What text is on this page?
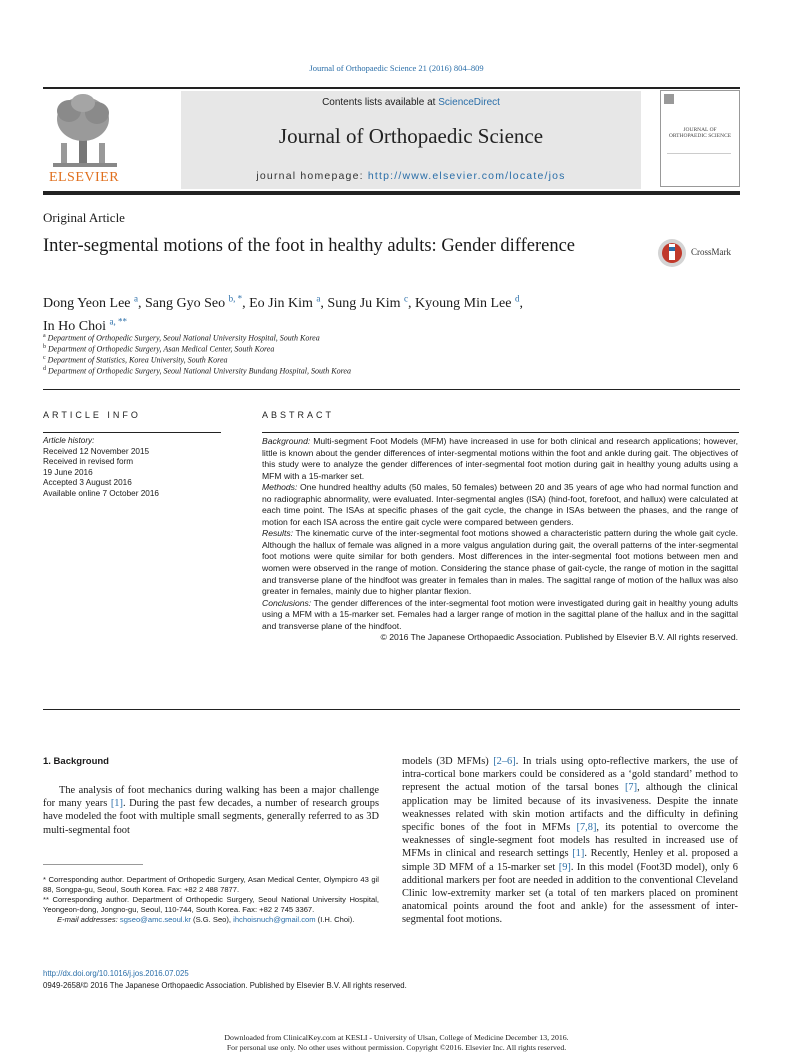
Journal of Orthopaedic Science 21 (2016) 804–809
ELSEVIER
Contents lists available at ScienceDirect
Journal of Orthopaedic Science
journal homepage: http://www.elsevier.com/locate/jos
JOURNAL OF ORTHOPAEDIC SCIENCE
Original Article
Inter-segmental motions of the foot in healthy adults: Gender difference	CrossMark
Dong Yeon Lee $^a$, Sang Gyo Seo $^{b, *}$, Eo Jin Kim $^a$, Sung Ju Kim $^c$, Kyoung Min Lee $^d$,
In Ho Choi $^{a, **}$
$^a$ Department of Orthopedic Surgery, Seoul National University Hospital, South Korea
$^b$ Department of Orthopedic Surgery, Asan Medical Center, South Korea
$^c$ Department of Statistics, Korea University, South Korea
$^d$ Department of Orthopedic Surgery, Seoul National University Bundang Hospital, South Korea
ARTICLE INFO
Article history:
Received 12 November 2015
Received in revised form
19 June 2016
Accepted 3 August 2016
Available online 7 October 2016
ABSTRACT

Background: Multi-segment Foot Models (MFM) have increased in use for both clinical and research applications; however, little is known about the gender differences of inter-segmental motions within the foot and ankle during gait. The objectives of this study were to analyze the gender differences of inter-segmental foot motion during gait in healthy young adults using a MFM with a 15-marker set.

Methods: One hundred healthy adults (50 males, 50 females) between 20 and 35 years of age who had normal function and no radiographic abnormality, were evaluated. Inter-segmental angles (ISA) (hind-foot, forefoot, and hallux) were calculated at each time point. The ISAs at specific phases of the gait cycle, the change in ISAs between the phases, and the range of motion for each ISA across the entire gait cycle were compared between genders.

Results: The kinematic curve of the inter-segmental foot motions showed a characteristic pattern during the whole gait cycle. Although the hallux of female was aligned in a more valgus angulation during gait, the overall patterns of the inter-segmental foot motions were quite similar for both genders. Most differences in the inter-segmental foot motions between men and women were observed in the range of motion. Considering the stance phase of gait-cycle, the range of motion in the sagittal and transverse plane of the hindfoot was greater in females than in males. The sagittal range of motion of the hallux was also greater in females, mainly due to higher plantar flexion.

Conclusions: The gender differences of the inter-segmental foot motion were investigated during gait in healthy young adults using a MFM with a 15-marker set. Females had a larger range of motion in the sagittal plane of the hallux and in the sagittal and transverse plane of the hindfoot.

© 2016 The Japanese Orthopaedic Association. Published by Elsevier B.V. All rights reserved.

1. Background
The analysis of foot mechanics during walking has been a major challenge for many years [1]. During the past few decades, a number of research groups have modeled the foot with multiple small segments, generally referred to as 3D multi-segmental foot
models (3D MFMs) [2–6]. In trials using opto-reflective markers, the use of intra-cortical bone markers could be considered as a ‘gold standard’ method to represent the actual motion of the tarsal bones [7], although the clinical application may be limited because of its invasiveness. Despite the innate weaknesses related with skin motion artifacts and the difficulty in defining specific bones of the foot in MFMs [7,8], its potential to overcome the weaknesses of single-segment foot models has resulted in increased use of MFMs in clinical and research settings [1]. Recently, Henley et al. proposed a simple 3D MFM of a 15-marker set [9]. In this model (Foot3D model), only 6 additional markers per foot are needed in addition to the conventional Cleveland Clinic low-extremity marker set (a total of ten markers placed on prominent anatomical points around the foot and ankle) for the assessment of inter-segmental foot motions.

* Corresponding author. Department of Orthopedic Surgery, Asan Medical Center, Olympicro 43 gil 88, Songpa-gu, Seoul, South Korea. Fax: +82 2 488 7877.

** Corresponding author. Department of Orthopedic Surgery, Seoul National University Hospital, Yeongeon-dong, Jongno-gu, Seoul, 110-744, South Korea. Fax: +82 2 745 3367.

E-mail addresses: sgseo@amc.seoul.kr (S.G. Seo), ihchoisnuch@gmail.com (I.H. Choi).

http://dx.doi.org/10.1016/j.jos.2016.07.025
0949-2658/© 2016 The Japanese Orthopaedic Association. Published by Elsevier B.V. All rights reserved.
Downloaded from ClinicalKey.com at KESLI - University of Ulsan, College of Medicine December 13, 2016.
For personal use only. No other uses without permission. Copyright ©2016. Elsevier Inc. All rights reserved.
